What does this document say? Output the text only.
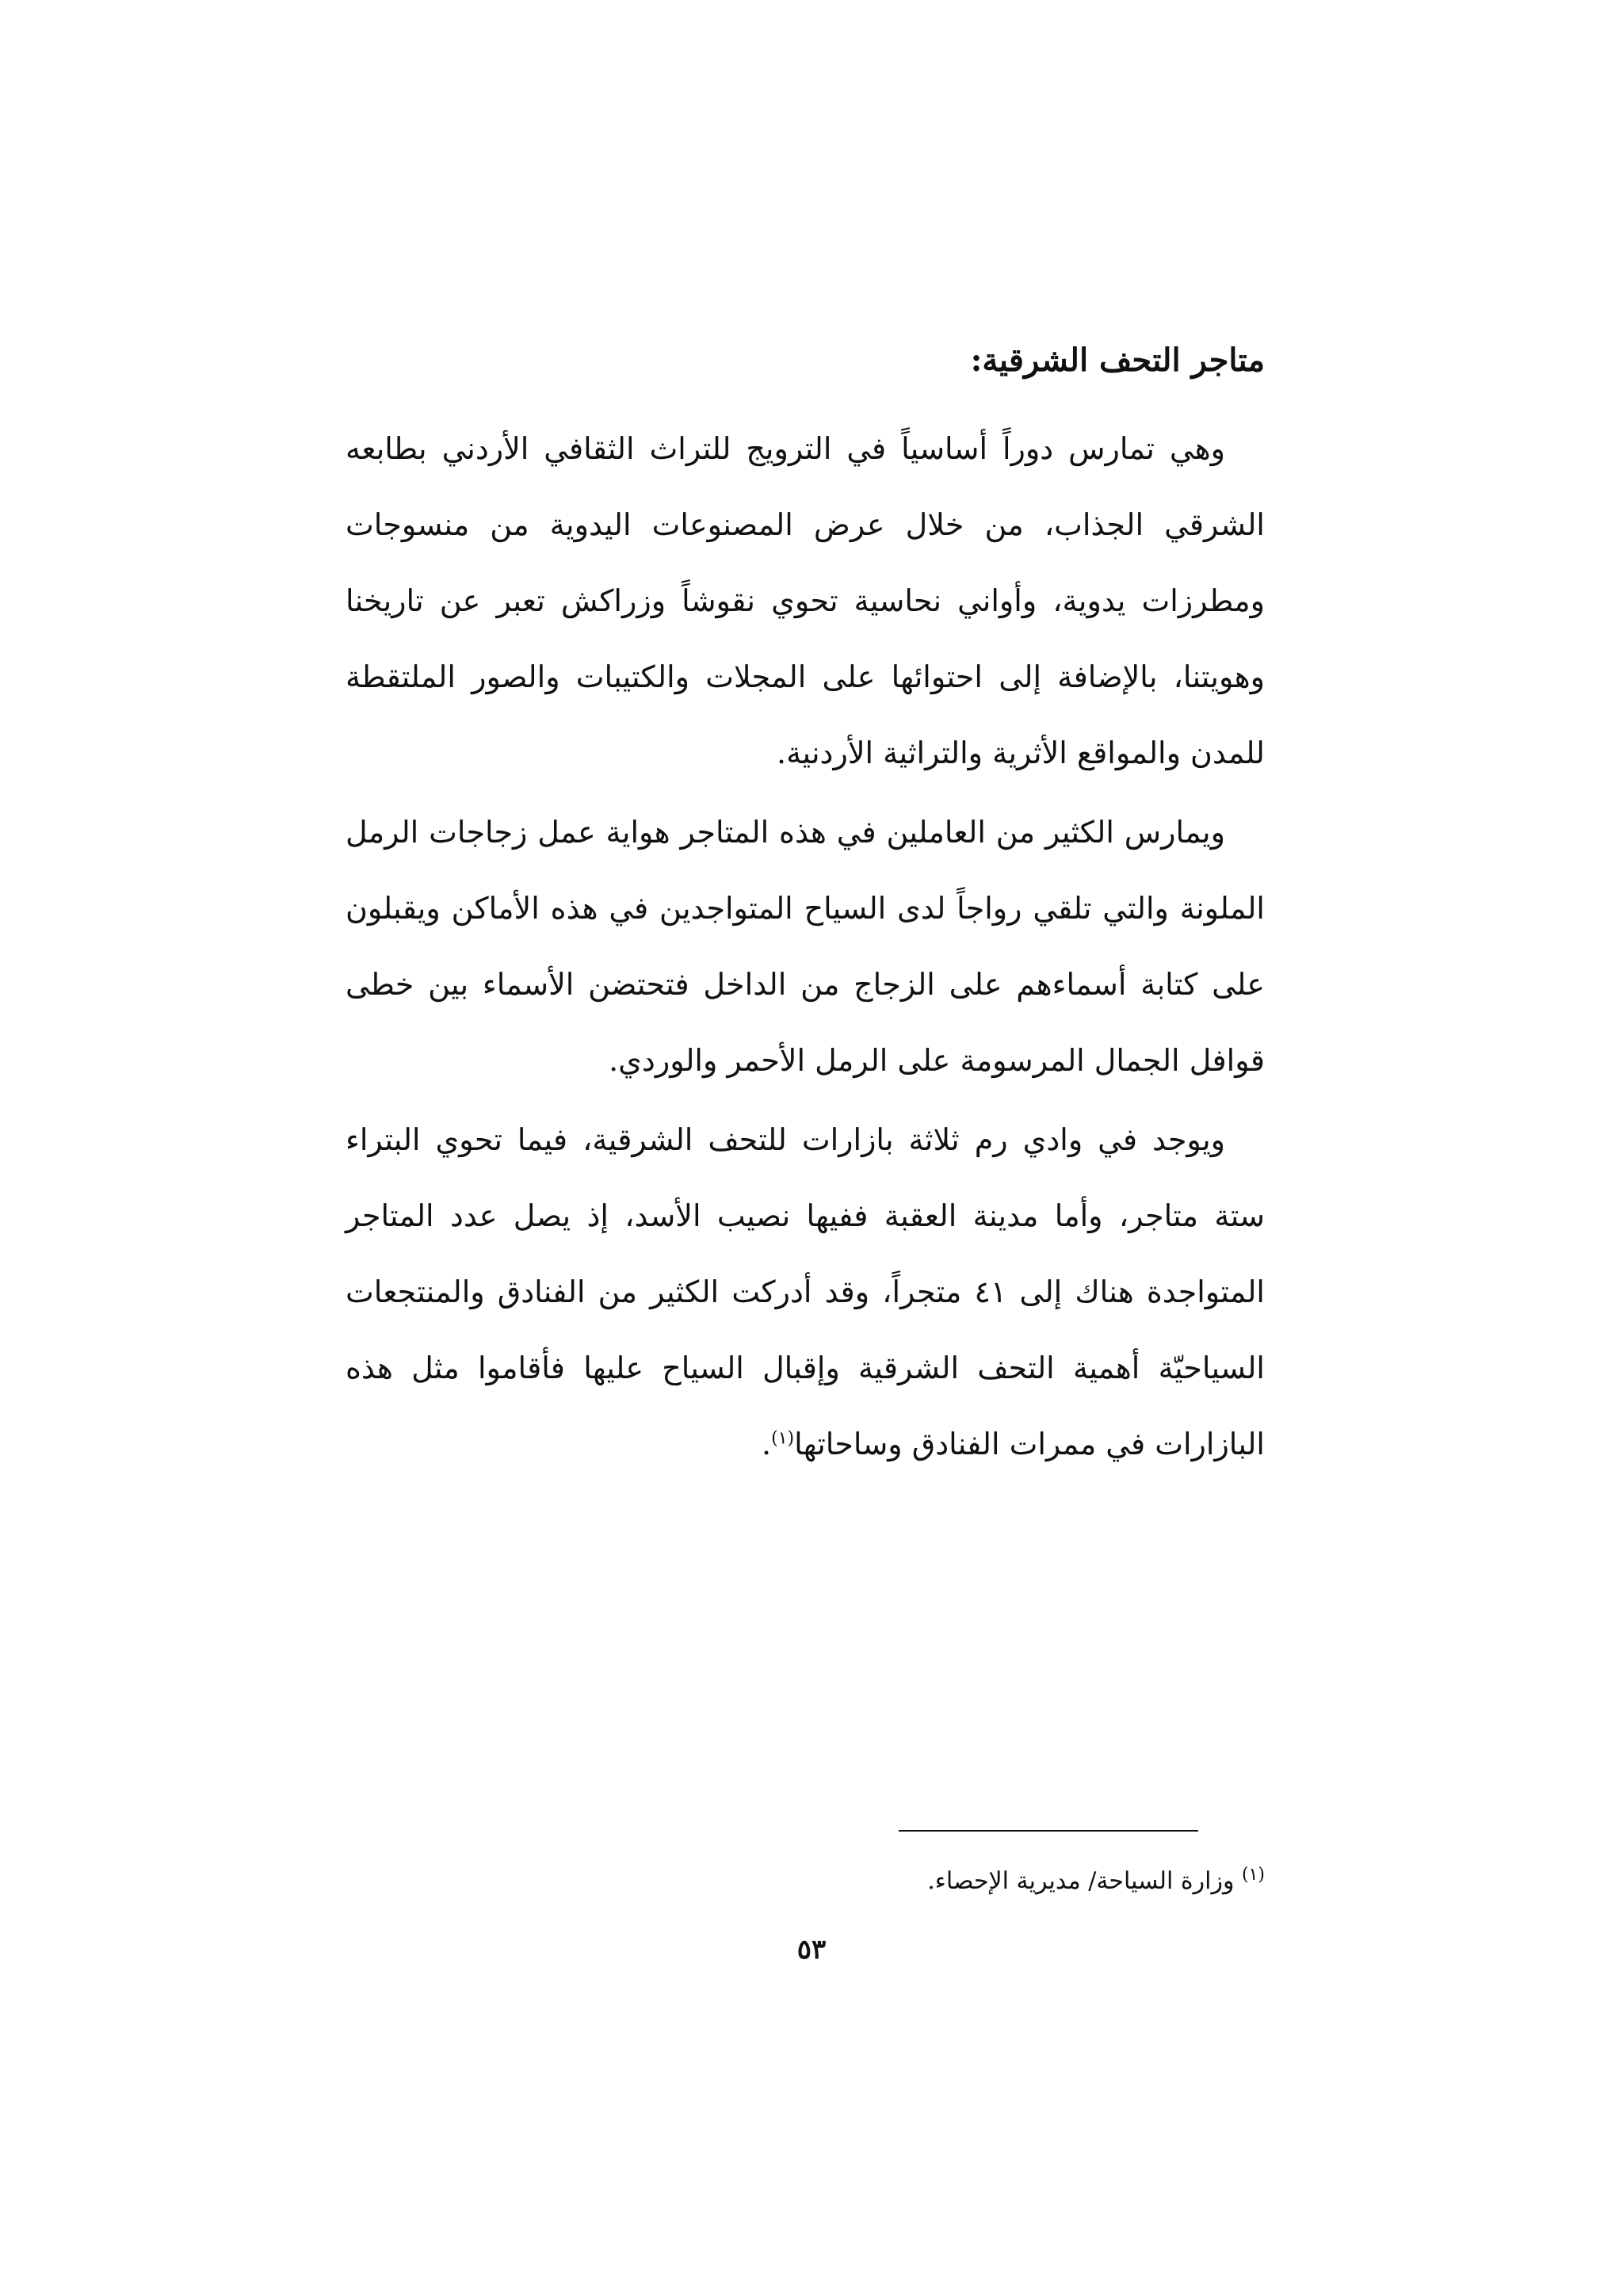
متاجر التحف الشرقية:

وهي تمارس دوراً أساسياً في الترويج للتراث الثقافي الأردني بطابعه الشرقي الجذاب، من خلال عرض المصنوعات اليدوية من منسوجات ومطرزات يدوية، وأواني نحاسية تحوي نقوشاً وزراكش تعبر عن تاريخنا وهويتنا، بالإضافة إلى احتوائها على المجلات والكتيبات والصور الملتقطة للمدن والمواقع الأثرية والتراثية الأردنية.

ويمارس الكثير من العاملين في هذه المتاجر هواية عمل زجاجات الرمل الملونة والتي تلقي رواجاً لدى السياح المتواجدين في هذه الأماكن ويقبلون على كتابة أسماءهم على الزجاج من الداخل فتحتضن الأسماء بين خطى قوافل الجمال المرسومة على الرمل الأحمر والوردي.

ويوجد في وادي رم ثلاثة بازارات للتحف الشرقية، فيما تحوي البتراء ستة متاجر، وأما مدينة العقبة ففيها نصيب الأسد، إذ يصل عدد المتاجر المتواجدة هناك إلى ٤١ متجراً، وقد أدركت الكثير من الفنادق والمنتجعات السياحيّة أهمية التحف الشرقية وإقبال السياح عليها فأقاموا مثل هذه البازارات في ممرات الفنادق وساحاتها$^{(١)}$.

$^{(١)}$ وزارة السياحة/ مديرية الإحصاء.
٥٣
